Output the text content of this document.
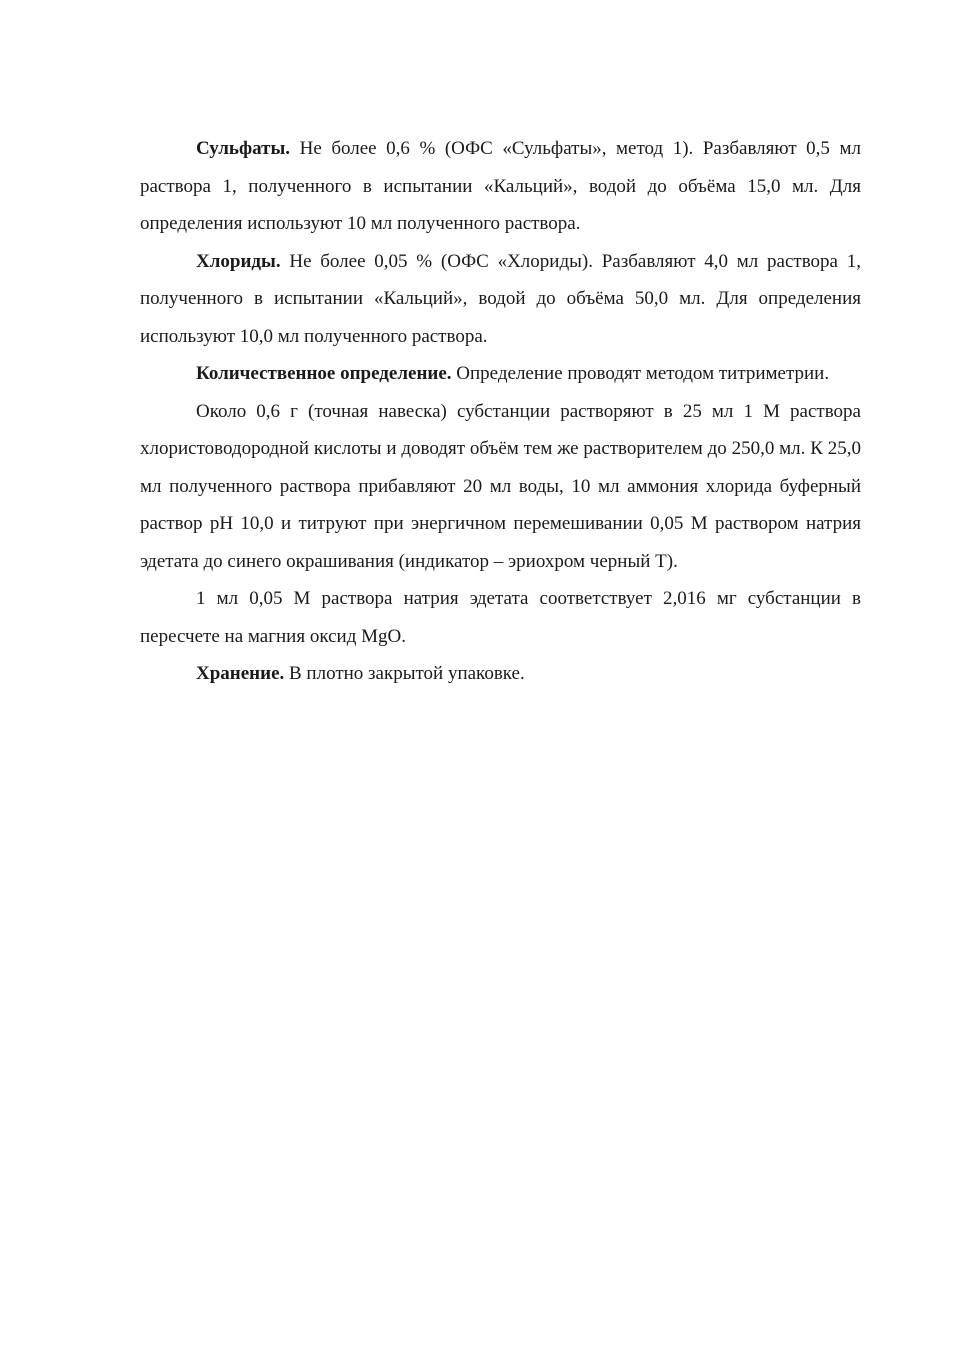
Сульфаты. Не более 0,6 % (ОФС «Сульфаты», метод 1). Разбавляют 0,5 мл раствора 1, полученного в испытании «Кальций», водой до объёма 15,0 мл. Для определения используют 10 мл полученного раствора.

Хлориды. Не более 0,05 % (ОФС «Хлориды). Разбавляют 4,0 мл раствора 1, полученного в испытании «Кальций», водой до объёма 50,0 мл. Для определения используют 10,0 мл полученного раствора.

Количественное определение. Определение проводят методом титриметрии.

Около 0,6 г (точная навеска) субстанции растворяют в 25 мл 1 М раствора хлористоводородной кислоты и доводят объём тем же растворителем до 250,0 мл. К 25,0 мл полученного раствора прибавляют 20 мл воды, 10 мл аммония хлорида буферный раствор pH 10,0 и титруют при энергичном перемешивании 0,05 М раствором натрия эдетата до синего окрашивания (индикатор – эриохром черный Т).

1 мл 0,05 М раствора натрия эдетата соответствует 2,016 мг субстанции в пересчете на магния оксид MgO.

Хранение. В плотно закрытой упаковке.
